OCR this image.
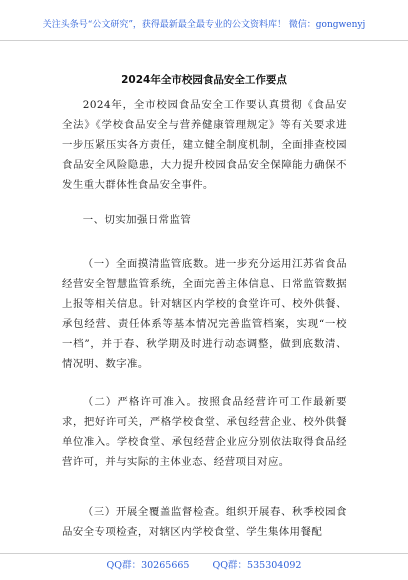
关注头条号“公文研究”，获得最新最全最专业的公文资料库！ 微信：gongwenyj
2024年全市校园食品安全工作要点

2024年，全市校园食品安全工作要认真贯彻《食品安全法》《学校食品安全与营养健康管理规定》等有关要求进一步压紧压实各方责任，建立健全制度机制，全面排查校园食品安全风险隐患，大力提升校园食品安全保障能力确保不发生重大群体性食品安全事件。

一、切实加强日常监管

（一）全面摸清监管底数。进一步充分运用江苏省食品经营安全智慧监管系统，全面完善主体信息、日常监管数据上报等相关信息。针对辖区内学校的食堂许可、校外供餐、承包经营、责任体系等基本情况完善监管档案，实现“一校一档”，并于春、秋学期及时进行动态调整，做到底数清、情况明、数字准。

（二）严格许可准入。按照食品经营许可工作最新要求，把好许可关，严格学校食堂、承包经营企业、校外供餐单位准入。学校食堂、承包经营企业应分别依法取得食品经营许可，并与实际的主体业态、经营项目对应。

（三）开展全覆盖监督检查。组织开展春、秋季校园食品安全专项检查，对辖区内学校食堂、学生集体用餐配

QQ群：30265665 QQ群：535304092
